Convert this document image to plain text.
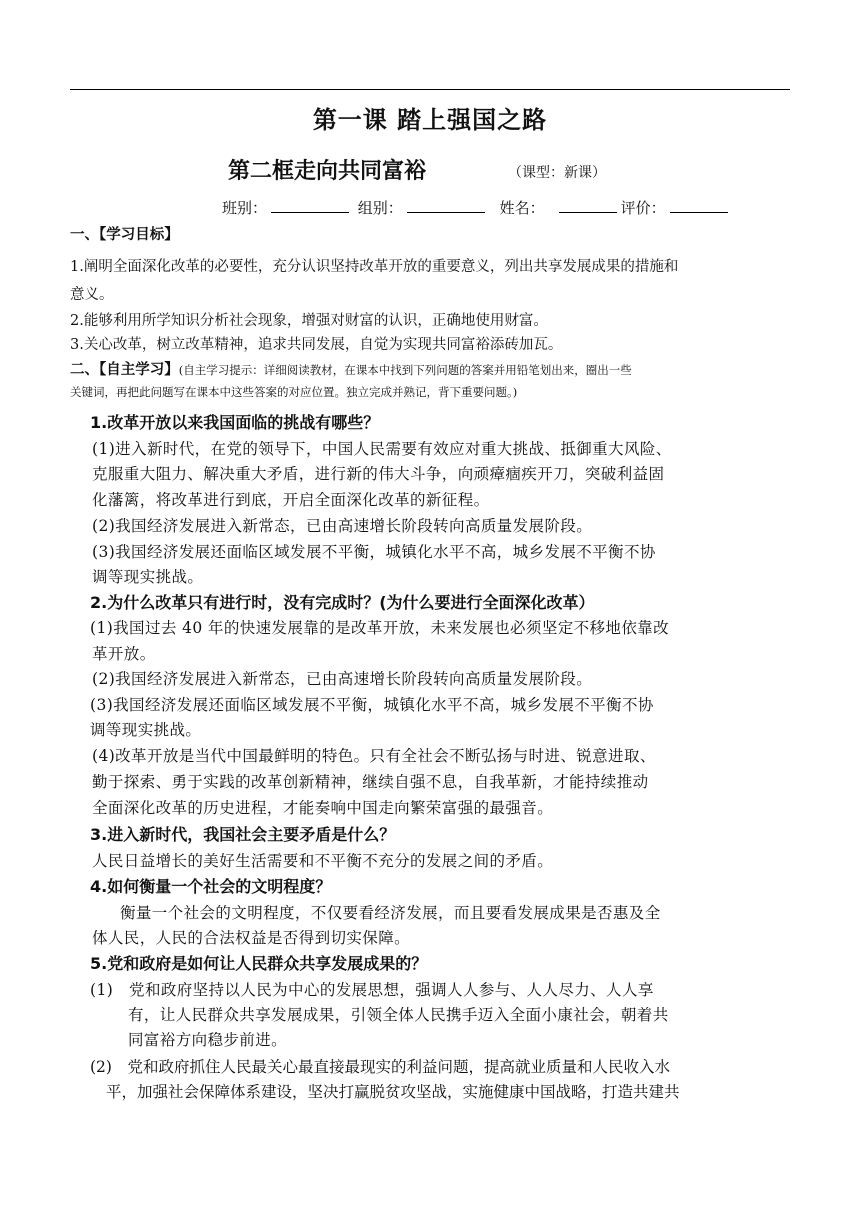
第一课 踏上强国之路
第二框走向共同富裕	（课型：新课）
班别：	组别：	姓名：	评价：
一、【学习目标】
1.阐明全面深化改革的必要性，充分认识坚持改革开放的重要意义，列出共享发展成果的措施和
意义。
2.能够利用所学知识分析社会现象，增强对财富的认识，正确地使用财富。
3.关心改革，树立改革精神，追求共同发展，自觉为实现共同富裕添砖加瓦。
二、【自主学习】(自主学习提示：详细阅读教材，在课本中找到下列问题的答案并用铅笔划出来，圈出一些
关键词，再把此问题写在课本中这些答案的对应位置。独立完成并熟记，背下重要问题。)
1.改革开放以来我国面临的挑战有哪些？
(1)进入新时代，在党的领导下，中国人民需要有效应对重大挑战、抵御重大风险、
克服重大阻力、解决重大矛盾，进行新的伟大斗争，向顽瘴痼疾开刀，突破利益固
化藩篱，将改革进行到底，开启全面深化改革的新征程。
(2)我国经济发展进入新常态，已由高速增长阶段转向高质量发展阶段。
(3)我国经济发展还面临区域发展不平衡，城镇化水平不高，城乡发展不平衡不协
调等现实挑战。
2.为什么改革只有进行时，没有完成时？(为什么要进行全面深化改革）
(1)我国过去 40 年的快速发展靠的是改革开放，未来发展也必须坚定不移地依靠改
革开放。
(2)我国经济发展进入新常态，已由高速增长阶段转向高质量发展阶段。
(3)我国经济发展还面临区域发展不平衡，城镇化水平不高，城乡发展不平衡不协
调等现实挑战。
(4)改革开放是当代中国最鲜明的特色。只有全社会不断弘扬与时进、锐意进取、
勤于探索、勇于实践的改革创新精神，继续自强不息，自我革新，才能持续推动
全面深化改革的历史进程，才能奏响中国走向繁荣富强的最强音。
3.进入新时代，我国社会主要矛盾是什么？
人民日益增长的美好生活需要和不平衡不充分的发展之间的矛盾。
4.如何衡量一个社会的文明程度？
衡量一个社会的文明程度，不仅要看经济发展，而且要看发展成果是否惠及全
体人民，人民的合法权益是否得到切实保障。
5.党和政府是如何让人民群众共享发展成果的？
(1)　党和政府坚持以人民为中心的发展思想，强调人人参与、人人尽力、人人享
有，让人民群众共享发展成果，引领全体人民携手迈入全面小康社会，朝着共
同富裕方向稳步前进。
(2)　党和政府抓住人民最关心最直接最现实的利益问题，提高就业质量和人民收入水
平，加强社会保障体系建设，坚决打赢脱贫攻坚战，实施健康中国战略，打造共建共
